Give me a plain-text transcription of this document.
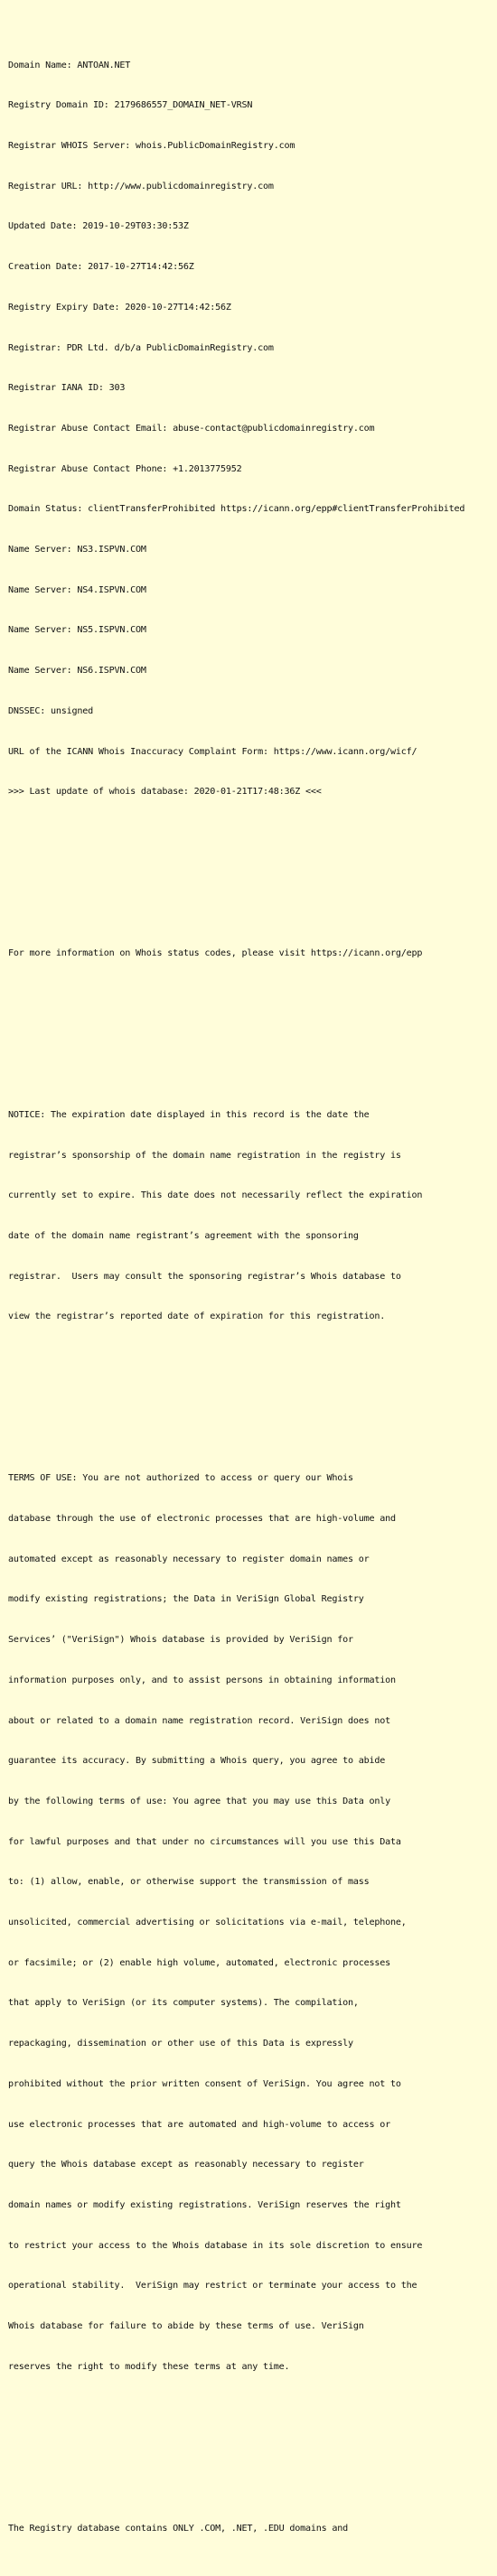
Domain Name: ANTOAN.NET

Registry Domain ID: 2179686557_DOMAIN_NET-VRSN

Registrar WHOIS Server: whois.PublicDomainRegistry.com

Registrar URL: http://www.publicdomainregistry.com

Updated Date: 2019-10-29T03:30:53Z

Creation Date: 2017-10-27T14:42:56Z

Registry Expiry Date: 2020-10-27T14:42:56Z

Registrar: PDR Ltd. d/b/a PublicDomainRegistry.com

Registrar IANA ID: 303

Registrar Abuse Contact Email: abuse-contact@publicdomainregistry.com

Registrar Abuse Contact Phone: +1.2013775952

Domain Status: clientTransferProhibited https://icann.org/epp#clientTransferProhibited

Name Server: NS3.ISPVN.COM

Name Server: NS4.ISPVN.COM

Name Server: NS5.ISPVN.COM

Name Server: NS6.ISPVN.COM

DNSSEC: unsigned

URL of the ICANN Whois Inaccuracy Complaint Form: https://www.icann.org/wicf/

>>> Last update of whois database: 2020-01-21T17:48:36Z <<<

For more information on Whois status codes, please visit https://icann.org/epp

NOTICE: The expiration date displayed in this record is the date the

registrar’s sponsorship of the domain name registration in the registry is

currently set to expire. This date does not necessarily reflect the expiration

date of the domain name registrant’s agreement with the sponsoring

registrar.  Users may consult the sponsoring registrar’s Whois database to

view the registrar’s reported date of expiration for this registration.

TERMS OF USE: You are not authorized to access or query our Whois

database through the use of electronic processes that are high-volume and

automated except as reasonably necessary to register domain names or

modify existing registrations; the Data in VeriSign Global Registry

Services’ ("VeriSign") Whois database is provided by VeriSign for

information purposes only, and to assist persons in obtaining information

about or related to a domain name registration record. VeriSign does not

guarantee its accuracy. By submitting a Whois query, you agree to abide

by the following terms of use: You agree that you may use this Data only

for lawful purposes and that under no circumstances will you use this Data

to: (1) allow, enable, or otherwise support the transmission of mass

unsolicited, commercial advertising or solicitations via e-mail, telephone,

or facsimile; or (2) enable high volume, automated, electronic processes

that apply to VeriSign (or its computer systems). The compilation,

repackaging, dissemination or other use of this Data is expressly

prohibited without the prior written consent of VeriSign. You agree not to

use electronic processes that are automated and high-volume to access or

query the Whois database except as reasonably necessary to register

domain names or modify existing registrations. VeriSign reserves the right

to restrict your access to the Whois database in its sole discretion to ensure

operational stability.  VeriSign may restrict or terminate your access to the

Whois database for failure to abide by these terms of use. VeriSign

reserves the right to modify these terms at any time.

The Registry database contains ONLY .COM, .NET, .EDU domains and
